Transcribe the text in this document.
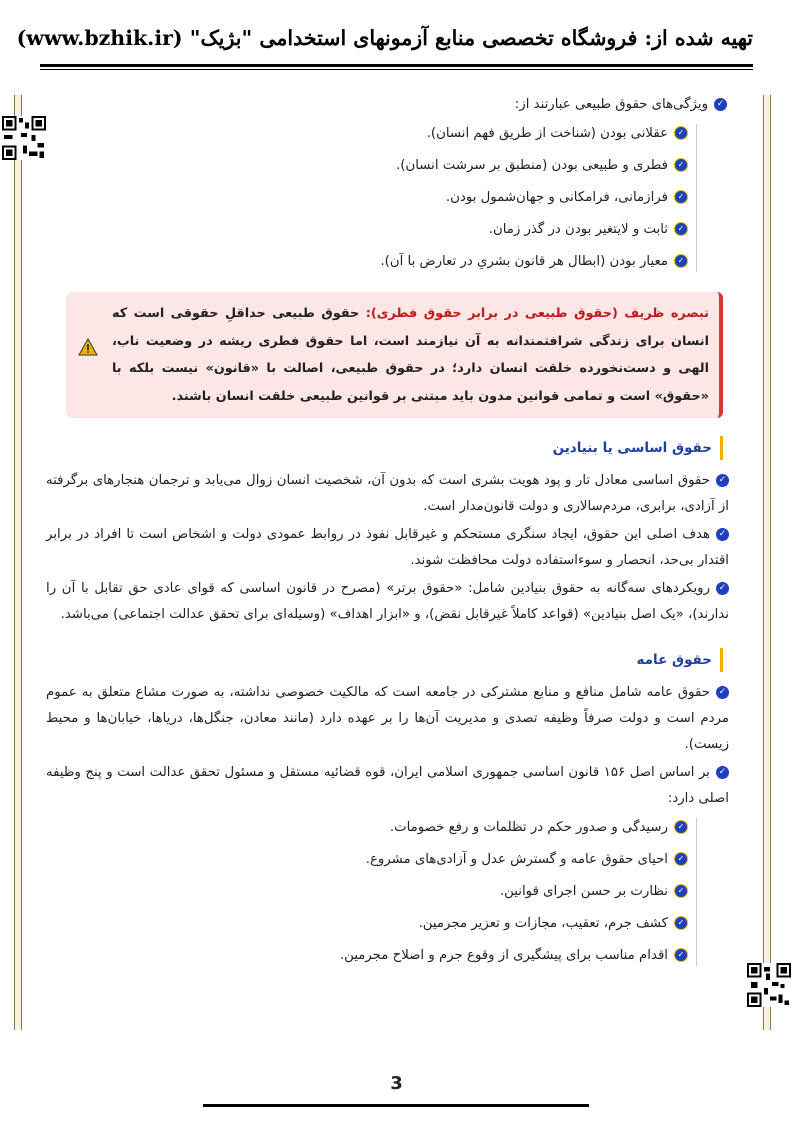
تهیه شده از: فروشگاه تخصصی منابع آزمونهای استخدامی "بژیک" (www.bzhik.ir)
✓ویژگی‌های حقوق طبیعی عبارتند از:
✓عقلانی بودن (شناخت از طریق فهم انسان).
✓فطری و طبیعی بودن (منطبق بر سرشت انسان).
✓فرازمانی، فرامکانی و جهان‌شمول بودن.
✓ثابت و لایتغیر بودن در گذر زمان.
✓معیار بودن (ابطال هر قانون بشریِ در تعارض با آن).
تبصره ظریف (حقوق طبیعی در برابر حقوق فطری): حقوق طبیعی حداقلِ حقوقی است که انسان برای زندگی شرافتمندانه به آن نیازمند است، اما حقوق فطری ریشه در وضعیت ناب، الهی و دست‌نخورده خلقت انسان دارد؛ در حقوق طبیعی، اصالت با «قانون» نیست بلکه با «حقوق» است و تمامی قوانین مدون باید مبتنی بر قوانین طبیعی خلقت انسان باشند.
حقوق اساسی یا بنیادین
✓حقوق اساسی معادل تار و پود هویت بشری است که بدون آن، شخصیت انسان زوال می‌یابد و ترجمان هنجارهای برگرفته از آزادی، برابری، مردم‌سالاری و دولت قانون‌مدار است.
✓هدف اصلی این حقوق، ایجاد سنگری مستحکم و غیرقابل نفوذ در روابط عمودی دولت و اشخاص است تا افراد در برابر اقتدار بی‌حد، انحصار و سوءاستفاده دولت محافظت شوند.
✓رویکردهای سه‌گانه به حقوق بنیادین شامل: «حقوق برتر» (مصرح در قانون اساسی که قوای عادی حق تقابل با آن را ندارند)، «یک اصل بنیادین» (قواعد کاملاً غیرقابل نقض)، و «ابزار اهداف» (وسیله‌ای برای تحقق عدالت اجتماعی) می‌باشد.
حقوق عامه
✓حقوق عامه شامل منافع و منابع مشترکی در جامعه است که مالکیت خصوصی نداشته، به صورت مشاع متعلق به عموم مردم است و دولت صرفاً وظیفه تصدی و مدیریت آن‌ها را بر عهده دارد (مانند معادن، جنگل‌ها، دریاها، خیابان‌ها و محیط زیست).
✓بر اساس اصل ۱۵۶ قانون اساسی جمهوری اسلامی ایران، قوه قضائیه مستقل و مسئول تحقق عدالت است و پنج وظیفه اصلی دارد:
✓رسیدگی و صدور حکم در تظلمات و رفع خصومات.
✓احیای حقوق عامه و گسترش عدل و آزادی‌های مشروع.
✓نظارت بر حسن اجرای قوانین.
✓کشف جرم، تعقیب، مجازات و تعزیر مجرمین.
✓اقدام مناسب برای پیشگیری از وقوع جرم و اصلاح مجرمین.
3
